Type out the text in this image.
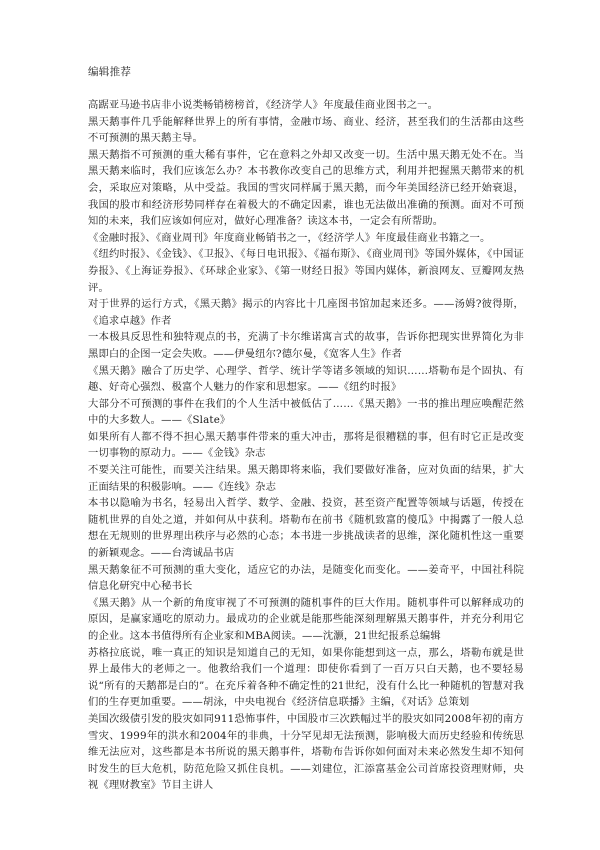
编辑推荐

高踞亚马逊书店非小说类畅销榜榜首，《经济学人》年度最佳商业图书之一。

黑天鹅事件几乎能解释世界上的所有事情，金融市场、商业、经济，甚至我们的生活都由这些不可预测的黑天鹅主导。

黑天鹅指不可预测的重大稀有事件，它在意料之外却又改变一切。生活中黑天鹅无处不在。当黑天鹅来临时，我们应该怎么办？本书教你改变自己的思维方式，利用并把握黑天鹅带来的机会，采取应对策略，从中受益。我国的雪灾同样属于黑天鹅，而今年美国经济已经开始衰退，我国的股市和经济形势同样存在着极大的不确定因素，谁也无法做出准确的预测。面对不可预知的未来，我们应该如何应对，做好心理准备？读这本书，一定会有所帮助。

《金融时报》、《商业周刊》年度商业畅销书之一，《经济学人》年度最佳商业书籍之一。

《纽约时报》、《金钱》、《卫报》、《每日电讯报》、《福布斯》、《商业周刊》等国外媒体，《中国证券报》、《上海证券报》、《环球企业家》、《第一财经日报》等国内媒体，新浪网友、豆瓣网友热评。

对于世界的运行方式，《黑天鹅》揭示的内容比十几座图书馆加起来还多。——汤姆?彼得斯，《追求卓越》作者

一本极具反思性和独特观点的书，充满了卡尔维诺寓言式的故事，告诉你把现实世界简化为非黑即白的企图一定会失败。——伊曼纽尔?德尔曼，《宽客人生》作者

《黑天鹅》融合了历史学、心理学、哲学、统计学等诸多领域的知识……塔勒布是个固执、有趣、好奇心强烈、极富个人魅力的作家和思想家。——《纽约时报》

大部分不可预测的事件在我们的个人生活中被低估了……《黑天鹅》一书的推出理应唤醒茫然中的大多数人。——《Slate》

如果所有人都不得不担心黑天鹅事件带来的重大冲击，那将是很糟糕的事，但有时它正是改变一切事物的原动力。——《金钱》杂志

不要关注可能性，而要关注结果。黑天鹅即将来临，我们要做好准备，应对负面的结果，扩大正面结果的积极影响。——《连线》杂志

本书以隐喻为书名，轻易出入哲学、数学、金融、投资，甚至资产配置等领域与话题，传授在随机世界的自处之道，并如何从中获利。塔勒布在前书《随机致富的傻瓜》中揭露了一般人总想在无规则的世界理出秩序与必然的心态；本书进一步挑战读者的思维，深化随机性这一重要的新颖观念。——台湾诚品书店

黑天鹅象征不可预测的重大变化，适应它的办法，是随变化而变化。——姜奇平，中国社科院信息化研究中心秘书长

《黑天鹅》从一个新的角度审视了不可预测的随机事件的巨大作用。随机事件可以解释成功的原因，是赢家通吃的原动力。最成功的企业就是能那些能深刻理解黑天鹅事件，并充分利用它的企业。这本书值得所有企业家和MBA阅读。——沈灏，21世纪报系总编辑

苏格拉底说，唯一真正的知识是知道自己的无知，如果你能想到这一点，那么，塔勒布就是世界上最伟大的老师之一。他教给我们一个道理：即使你看到了一百万只白天鹅，也不要轻易说“所有的天鹅都是白的”。在充斥着各种不确定性的21世纪，没有什么比一种随机的智慧对我们的生存更加重要。——胡泳，中央电视台《经济信息联播》主编，《对话》总策划

美国次级债引发的股灾如同911恐怖事件，中国股市三次跌幅过半的股灾如同2008年初的南方雪灾、1999年的洪水和2004年的非典，十分罕见却无法预测，影响极大而历史经验和传统思维无法应对，这些都是本书所说的黑天鹅事件，塔勒布告诉你如何面对未来必然发生却不知何时发生的巨大危机，防范危险又抓住良机。——刘建位，汇添富基金公司首席投资理财师，央视《理财教室》节目主讲人
